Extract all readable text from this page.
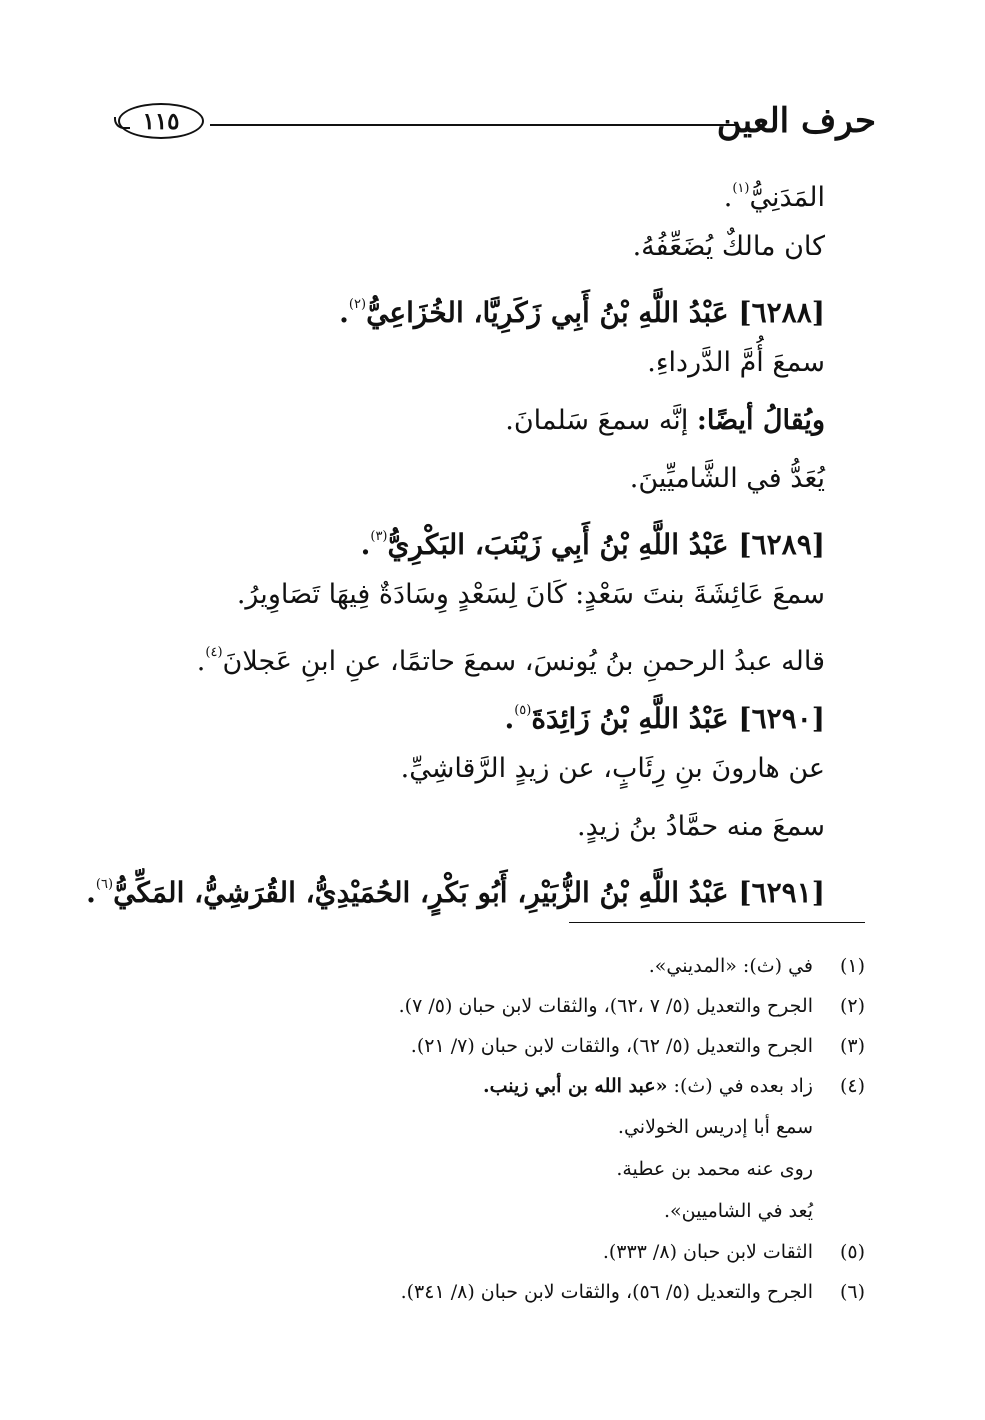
حرف العين
١١٥
المَدَنِيُّ$^{(١)}$.
كان مالكٌ يُضَعِّفُهُ.
[٦٢٨٨] عَبْدُ اللَّهِ بْنُ أَبِي زَكَرِيَّا، الخُزَاعِيُّ$^{(٢)}$.
سمعَ أُمَّ الدَّرداءِ.
ويُقالُ أيضًا: إنَّه سمعَ سَلمانَ.
يُعَدُّ في الشَّاميِّينَ.
[٦٢٨٩] عَبْدُ اللَّهِ بْنُ أَبِي زَيْنَبَ، البَكْرِيُّ$^{(٣)}$.
سمعَ عَائِشَةَ بنتَ سَعْدٍ: كَانَ لِسَعْدٍ وِسَادَةٌ فِيهَا تَصَاوِيرُ.
قاله عبدُ الرحمنِ بنُ يُونسَ، سمعَ حاتمًا، عنِ ابنِ عَجلانَ$^{(٤)}$.
[٦٢٩٠] عَبْدُ اللَّهِ بْنُ زَائِدَةَ$^{(٥)}$.
عن هارونَ بنِ رِئَابٍ، عن زيدٍ الرَّقاشِيِّ.
سمعَ منه حمَّادُ بنُ زيدٍ.
[٦٢٩١] عَبْدُ اللَّهِ بْنُ الزُّبَيْرِ، أَبُو بَكْرٍ، الحُمَيْدِيُّ، القُرَشِيُّ، المَكِّيُّ$^{(٦)}$.
(١)
في (ث): «المديني».
(٢)
الجرح والتعديل (٥/ ٧ ،٦٢)، والثقات لابن حبان (٥/ ٧).
(٣)
الجرح والتعديل (٥/ ٦٢)، والثقات لابن حبان (٧/ ٢١).
(٤)
زاد بعده في (ث): «عبد الله بن أبي زينب.
سمع أبا إدريس الخولاني.
روى عنه محمد بن عطية.
يُعد في الشاميين».
(٥)
الثقات لابن حبان (٨/ ٣٣٣).
(٦)
الجرح والتعديل (٥/ ٥٦)، والثقات لابن حبان (٨/ ٣٤١).
